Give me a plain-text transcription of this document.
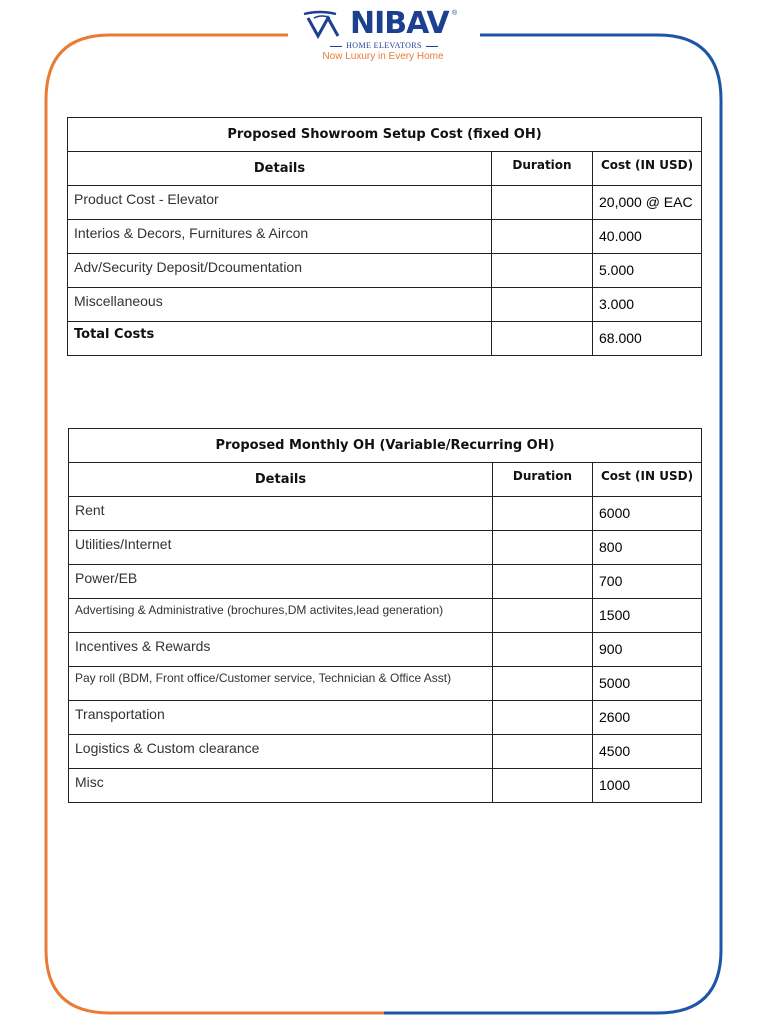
NIBAV ®
HOME ELEVATORS
Now Luxury in Every Home
Proposed Showroom Setup Cost (fixed OH)		
Details	Duration	Cost (IN USD)
Product Cost - Elevator		20,000 @ EAC
Interios & Decors, Furnitures & Aircon		40.000
Adv/Security Deposit/Dcoumentation		5.000
Miscellaneous		3.000
Total Costs		68.000
Proposed Monthly OH (Variable/Recurring OH)		
Details	Duration	Cost (IN USD)
Rent		6000
Utilities/Internet		800
Power/EB		700
Advertising & Administrative (brochures,DM activites,lead generation)		1500
Incentives & Rewards		900
Pay roll (BDM, Front office/Customer service, Technician & Office Asst)		5000
Transportation		2600
Logistics & Custom clearance		4500
Misc		1000
